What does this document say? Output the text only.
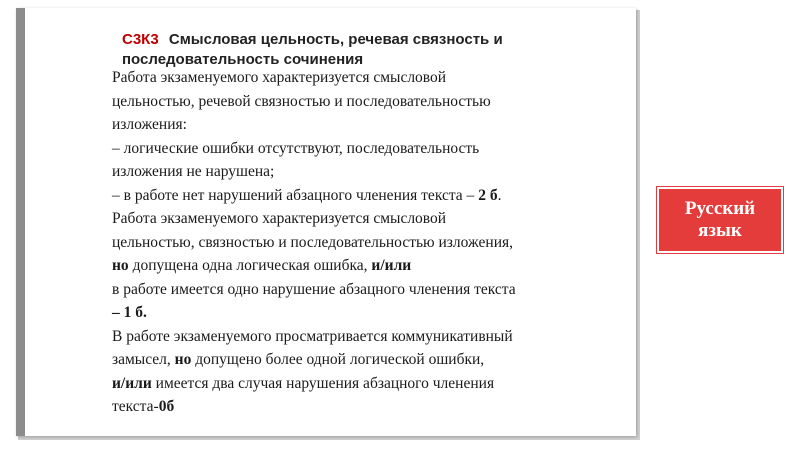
С3К3 Смысловая цельность, речевая связность и последовательность сочинения

Работа экзаменуемого характеризуется смысловой
цельностью, речевой связностью и последовательностью
изложения:
– логические ошибки отсутствуют, последовательность
изложения не нарушена;
– в работе нет нарушений абзацного членения текста – 2 б.

Работа экзаменуемого характеризуется смысловой
цельностью, связностью и последовательностью изложения,
но допущена одна логическая ошибка, и/или
в работе имеется одно нарушение абзацного членения текста
– 1 б.

В работе экзаменуемого просматривается коммуникативный
замысел, но допущено более одной логической ошибки,
и/или имеется два случая нарушения абзацного членения
текста-0б

Русский
язык
